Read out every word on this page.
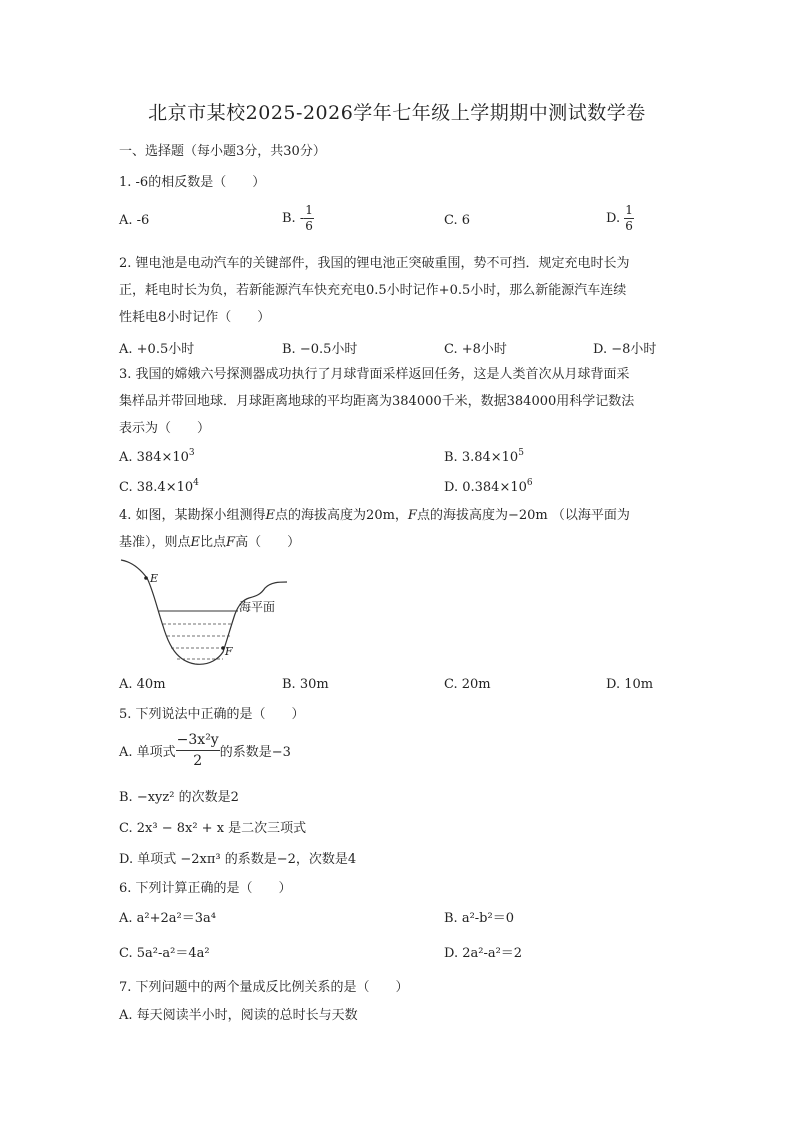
北京市某校2025-2026学年七年级上学期期中测试数学卷
一、选择题（每小题3分，共30分）
1. -6的相反数是（　　）
A. -6	B. - $\frac{1}{6}$	C. 6	D. $\frac{1}{6}$
2. 锂电池是电动汽车的关键部件，我国的锂电池正突破重围，势不可挡．规定充电时长为
正，耗电时长为负，若新能源汽车快充充电0.5小时记作+0.5小时，那么新能源汽车连续
性耗电8小时记作（　　）
A. +0.5小时	B. −0.5小时	C. +8小时	D. −8小时
3. 我国的嫦娥六号探测器成功执行了月球背面采样返回任务，这是人类首次从月球背面采
集样品并带回地球．月球距离地球的平均距离为384000千米，数据384000用科学记数法
表示为（　　）
A. $384\times 10^3$	B. $3.84\times 10^5$
C. $38.4\times 10^4$	D. $0.384\times 10^6$
4. 如图，某勘探小组测得E点的海拔高度为20m，F点的海拔高度为−20m （以海平面为
基准），则点E比点F高（　　）
E
F
海平面
A. 40m	B. 30m	C. 20m	D. 10m
5. 下列说法中正确的是（　　）
A. 单项式 $\frac{\text{−3x²y}}{2}$ 的系数是−3
B. −xyz² 的次数是2
C. 2x³ − 8x² + x 是二次三项式
D. 单项式 −2xπ³ 的系数是−2，次数是4
6. 下列计算正确的是（　　）
A. a²+2a²＝3a⁴	B. a²-b²＝0
C. 5a²-a²＝4a²	D. 2a²-a²＝2
7. 下列问题中的两个量成反比例关系的是（　　）
A. 每天阅读半小时，阅读的总时长与天数
